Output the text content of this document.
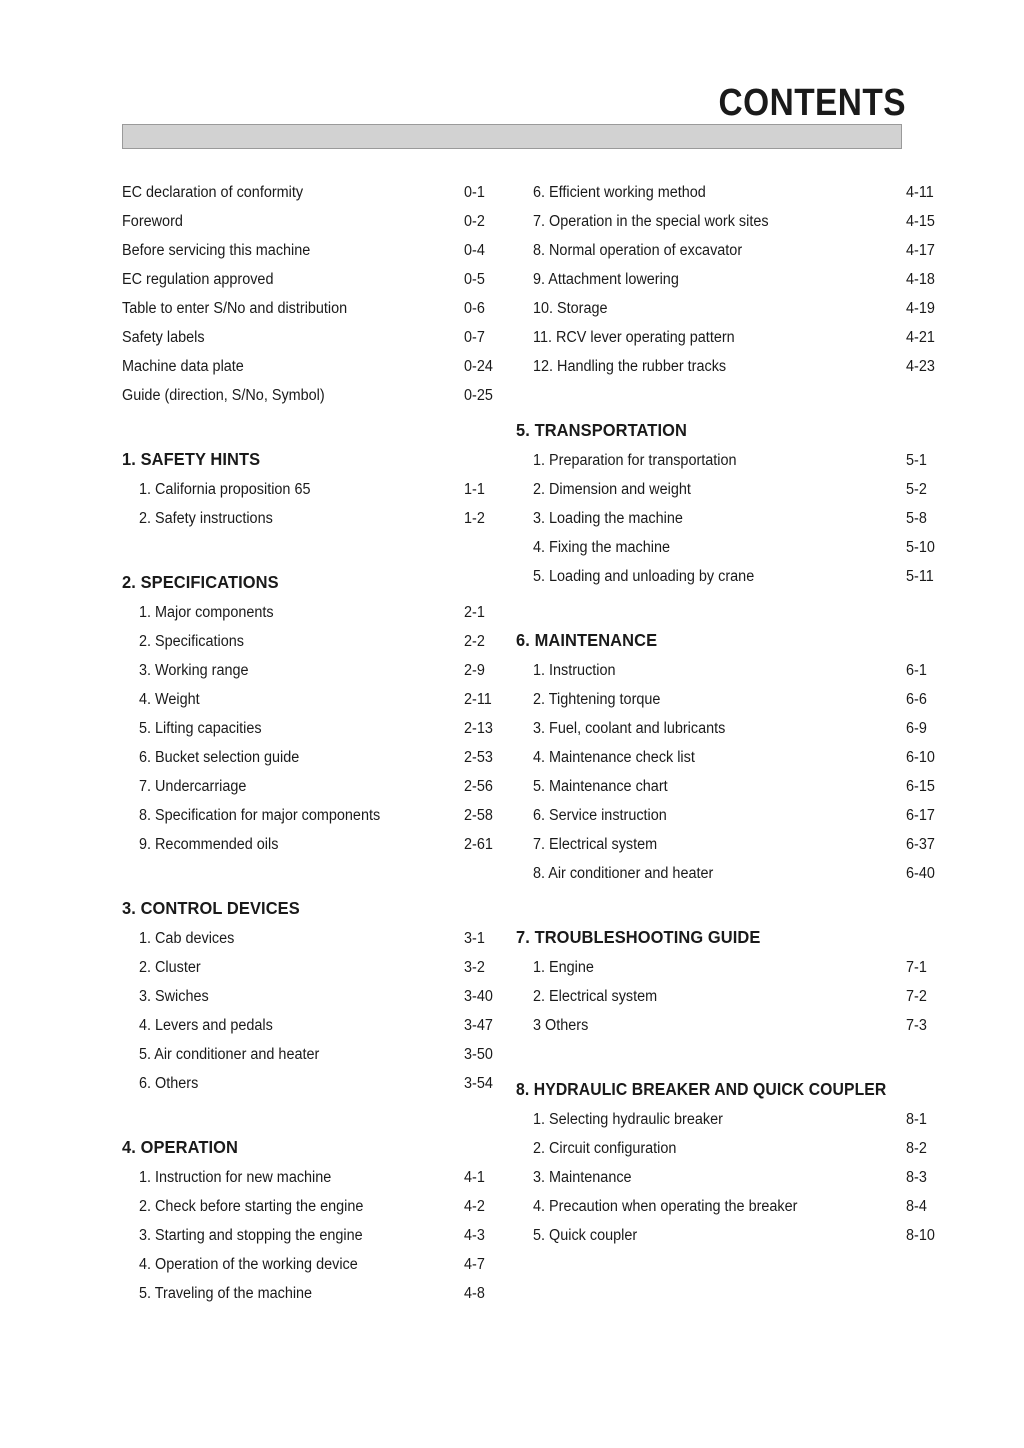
CONTENTS
EC declaration of conformity	0-1
Foreword	0-2
Before servicing this machine	0-4
EC regulation approved	0-5
Table to enter S/No and distribution	0-6
Safety labels	0-7
Machine data plate	0-24
Guide (direction, S/No, Symbol)	0-25
1. SAFETY HINTS
1. California proposition 65	1-1
2. Safety instructions	1-2
2. SPECIFICATIONS
1. Major components	2-1
2. Specifications	2-2
3. Working range	2-9
4. Weight	2-11
5. Lifting capacities	2-13
6. Bucket selection guide	2-53
7. Undercarriage	2-56
8. Specification for major components	2-58
9. Recommended oils	2-61
3. CONTROL DEVICES
1. Cab devices	3-1
2. Cluster	3-2
3. Swiches	3-40
4. Levers and pedals	3-47
5. Air conditioner and heater	3-50
6. Others	3-54
4. OPERATION
1. Instruction for new machine	4-1
2. Check before starting the engine	4-2
3. Starting and stopping the engine	4-3
4. Operation of the working device	4-7
5. Traveling of the machine	4-8
6. Efficient working method	4-11
7. Operation in the special work sites	4-15
8. Normal operation of excavator	4-17
9. Attachment lowering	4-18
10. Storage	4-19
11. RCV lever operating pattern	4-21
12. Handling the rubber tracks	4-23
5. TRANSPORTATION
1. Preparation for transportation	5-1
2. Dimension and weight	5-2
3. Loading the machine	5-8
4. Fixing the machine	5-10
5. Loading and unloading by crane	5-11
6. MAINTENANCE
1. Instruction	6-1
2. Tightening torque	6-6
3. Fuel, coolant and lubricants	6-9
4. Maintenance check list	6-10
5. Maintenance chart	6-15
6. Service instruction	6-17
7. Electrical system	6-37
8. Air conditioner and heater	6-40
7. TROUBLESHOOTING GUIDE
1. Engine	7-1
2. Electrical system	7-2
3 Others	7-3
8. HYDRAULIC BREAKER AND QUICK COUPLER
1. Selecting hydraulic breaker	8-1
2. Circuit configuration	8-2
3. Maintenance	8-3
4. Precaution when operating the breaker	8-4
5. Quick coupler	8-10
